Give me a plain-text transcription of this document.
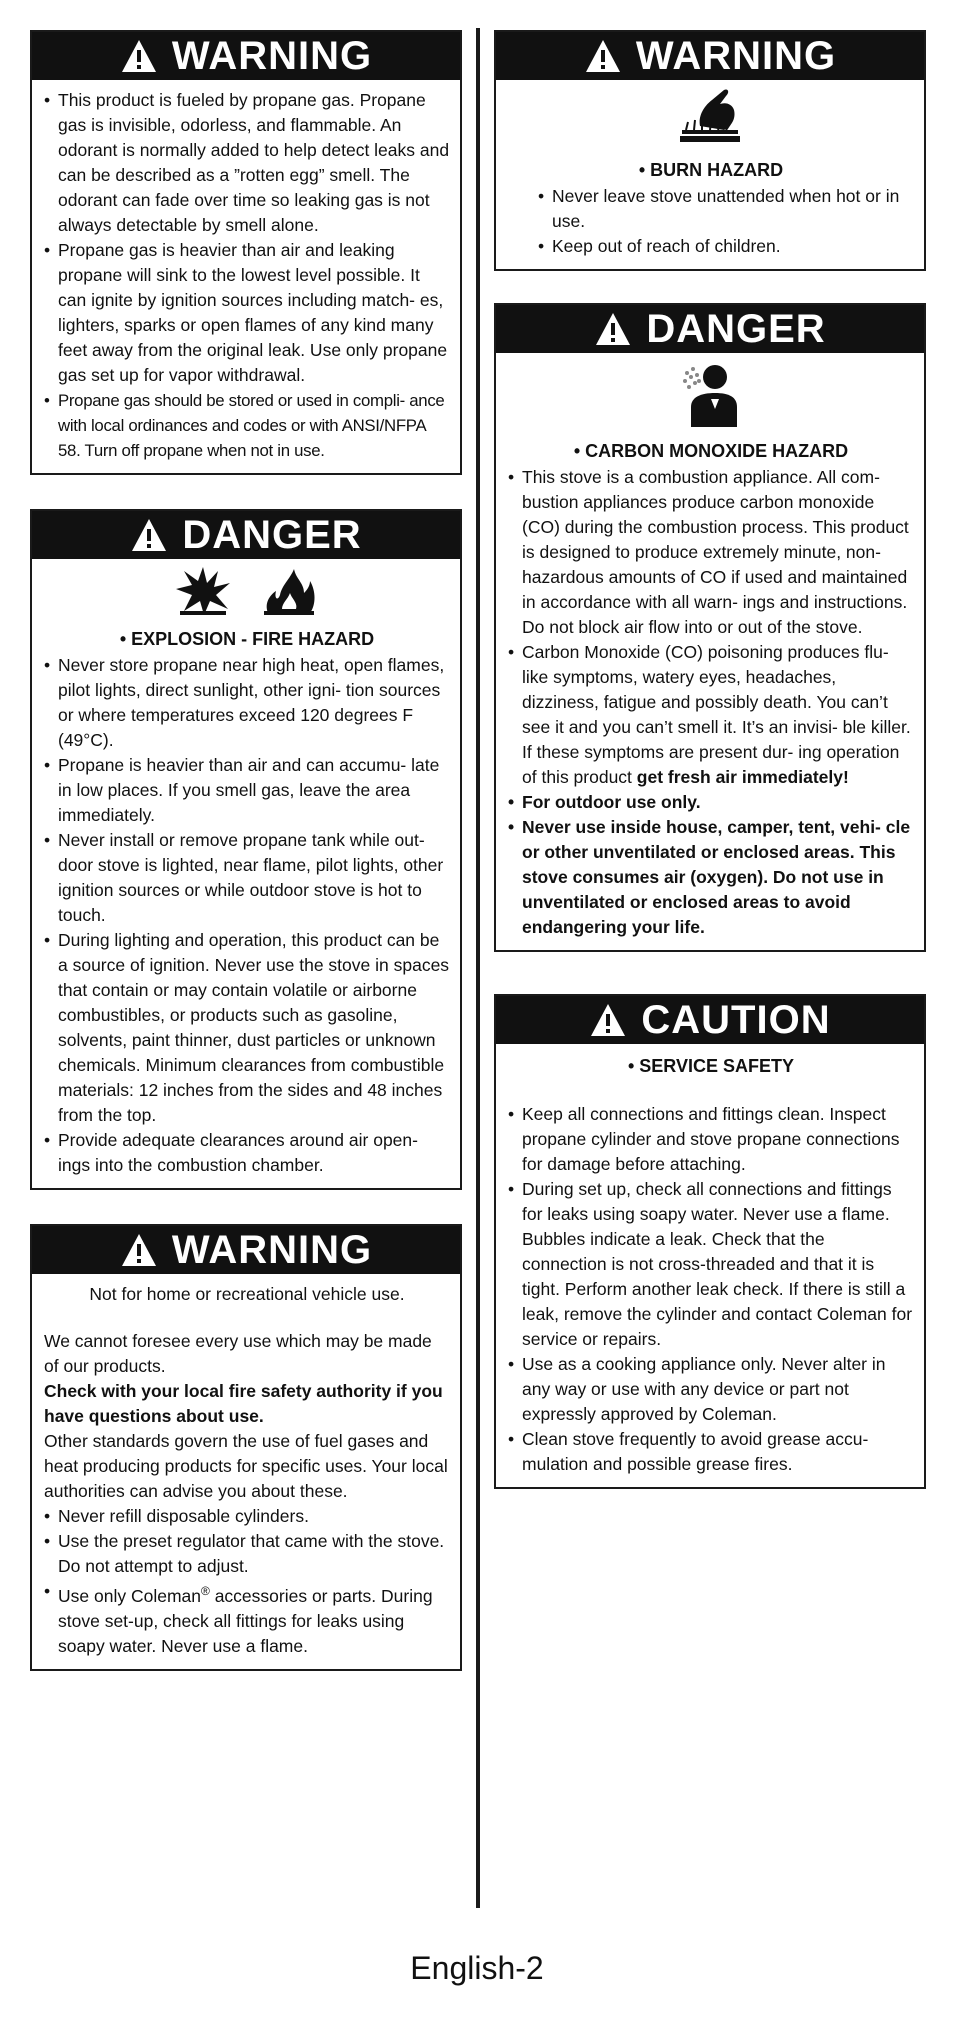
WARNING
• This product is fueled by propane gas. Propane gas is invisible, odorless, and flammable. An odorant is normally added to help detect leaks and can be described as a ”rotten egg” smell. The odorant can fade over time so leaking gas is not always detectable by smell alone.
• Propane gas is heavier than air and leaking propane will sink to the lowest level possible. It can ignite by ignition sources including match- es, lighters, sparks or open flames of any kind many feet away from the original leak. Use only propane gas set up for vapor withdrawal.
• Propane gas should be stored or used in compli- ance with local ordinances and codes or with ANSI/NFPA 58. Turn off propane when not in use.
DANGER
• EXPLOSION - FIRE HAZARD
• Never store propane near high heat, open flames, pilot lights, direct sunlight, other igni- tion sources or where temperatures exceed 120 degrees F (49°C).
• Propane is heavier than air and can accumu- late in low places. If you smell gas, leave the area immediately.
• Never install or remove propane tank while out- door stove is lighted, near flame, pilot lights, other ignition sources or while outdoor stove is hot to touch.
• During lighting and operation, this product can be a source of ignition. Never use the stove in spaces that contain or may contain volatile or airborne combustibles, or products such as gasoline, solvents, paint thinner, dust particles or unknown chemicals. Minimum clearances from combustible materials: 12 inches from the sides and 48 inches from the top.
• Provide adequate clearances around air open- ings into the combustion chamber.
WARNING

Not for home or recreational vehicle use.

We cannot foresee every use which may be made of our products.

Check with your local fire safety authority if you have questions about use.

Other standards govern the use of fuel gases and heat producing products for specific uses. Your local authorities can advise you about these.

• Never refill disposable cylinders.
• Use the preset regulator that came with the stove. Do not attempt to adjust.
• Use only Coleman® accessories or parts. During stove set-up, check all fittings for leaks using soapy water. Never use a flame.
WARNING
• BURN HAZARD
• Never leave stove unattended when hot or in use.
• Keep out of reach of children.
DANGER
• CARBON MONOXIDE HAZARD
• This stove is a combustion appliance. All com- bustion appliances produce carbon monoxide (CO) during the combustion process. This product is designed to produce extremely minute, non-hazardous amounts of CO if used and maintained in accordance with all warn- ings and instructions. Do not block air flow into or out of the stove.
• Carbon Monoxide (CO) poisoning produces flu-like symptoms, watery eyes, headaches, dizziness, fatigue and possibly death. You can’t see it and you can’t smell it. It’s an invisi- ble killer. If these symptoms are present dur- ing operation of this product get fresh air immediately!
• For outdoor use only.
• Never use inside house, camper, tent, vehi- cle or other unventilated or enclosed areas. This stove consumes air (oxygen). Do not use in unventilated or enclosed areas to avoid endangering your life.
CAUTION
• SERVICE SAFETY
• Keep all connections and fittings clean. Inspect propane cylinder and stove propane connections for damage before attaching.
• During set up, check all connections and fittings for leaks using soapy water. Never use a flame. Bubbles indicate a leak. Check that the connection is not cross-threaded and that it is tight. Perform another leak check. If there is still a leak, remove the cylinder and contact Coleman for service or repairs.
• Use as a cooking appliance only. Never alter in any way or use with any device or part not expressly approved by Coleman.
• Clean stove frequently to avoid grease accu- mulation and possible grease fires.
English-2
